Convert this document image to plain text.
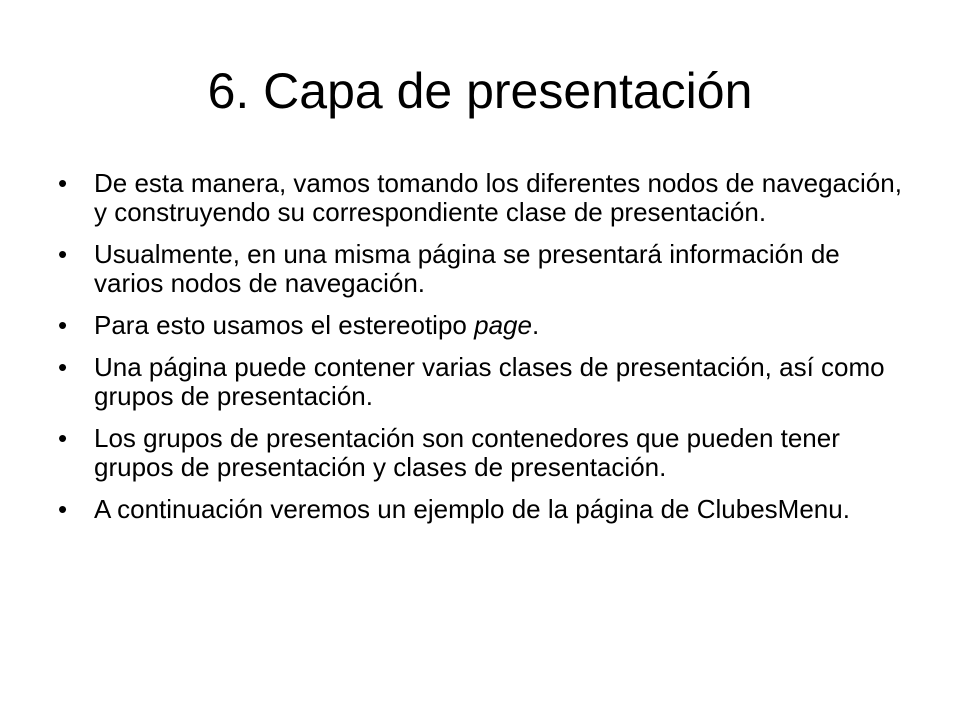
6. Capa de presentación
• De esta manera, vamos tomando los diferentes nodos de navegación, y construyendo su correspondiente clase de presentación.
• Usualmente, en una misma página se presentará información de varios nodos de navegación.
• Para esto usamos el estereotipo page.
• Una página puede contener varias clases de presentación, así como grupos de presentación.
• Los grupos de presentación son contenedores que pueden tener grupos de presentación y clases de presentación.
• A continuación veremos un ejemplo de la página de ClubesMenu.
